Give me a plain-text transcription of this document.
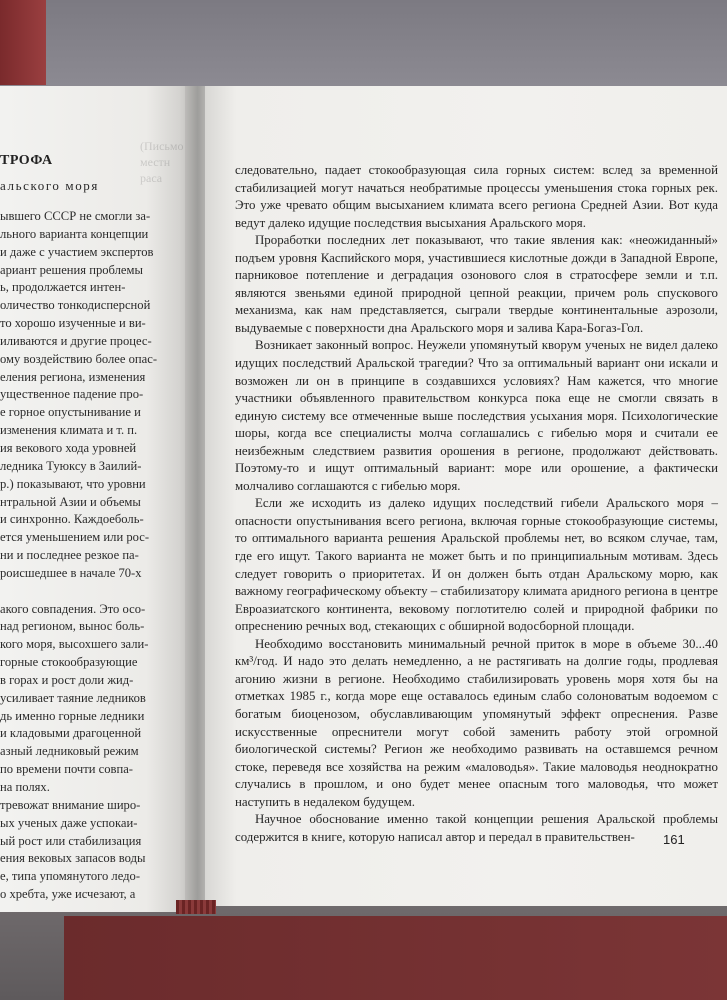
(Письмо
местн
раса
ТРОФА
альского моря
ывшего СССР не смогли за-
льного варианта концепции
и даже с участием экспертов
ариант решения проблемы
ь, продолжается интен-
оличество тонкодисперсной
то хорошо изученные и ви-
иливаются и другие процес-
ому воздействию более опас-
еления региона, изменения
ущественное падение про-
е горное опустынивание и
изменения климата и т. п.
ия векового хода уровней
ледника Туюксу в Заилий-
р.) показывают, что уровни
нтральной Азии и объемы
и синхронно. Каждоеболь-
ется уменьшением или рос-
ни и последнее резкое па-
роисшедшее в начале 70-х

акого совпадения. Это осо-
над регионом, вынос боль-
кого моря, высохшего зали-
горные стокообразующие
в горах и рост доли жид-
усиливает таяние ледников
дь именно горные ледники
и кладовыми драгоценной
азный ледниковый режим
по времени почти совпа-
на полях.
тревожат внимание широ-
ых ученых даже успокаи-
ый рост или стабилизация
ения вековых запасов воды
е, типа упомянутого ледо-
о хребта, уже исчезают, а

следовательно, падает стокообразующая сила горных систем: вслед за временной стабилизацией могут начаться необратимые процессы уменьшения стока горных рек. Это уже чревато общим высыханием климата всего региона Средней Азии. Вот куда ведут далеко идущие последствия высыхания Аральского моря.

Проработки последних лет показывают, что такие явления как: «неожиданный» подъем уровня Каспийского моря, участившиеся кислотные дожди в Западной Европе, парниковое потепление и деградация озонового слоя в стратосфере земли и т.п. являются звеньями единой природной цепной реакции, причем роль спускового механизма, как нам представляется, сыграли твердые континентальные аэрозоли, выдуваемые с поверхности дна Аральского моря и залива Кара-Богаз-Гол.

Возникает законный вопрос. Неужели упомянутый кворум ученых не видел далеко идущих последствий Аральской трагедии? Что за оптимальный вариант они искали и возможен ли он в принципе в создавшихся условиях? Нам кажется, что многие участники объявленного правительством конкурса пока еще не смогли связать в единую систему все отмеченные выше последствия усыхания моря. Психологические шоры, когда все специалисты молча соглашались с гибелью моря и считали ее неизбежным следствием развития орошения в регионе, продолжают действовать. Поэтому-то и ищут оптимальный вариант: море или орошение, а фактически молчаливо соглашаются с гибелью моря.

Если же исходить из далеко идущих последствий гибели Аральского моря – опасности опустынивания всего региона, включая горные стокообразующие системы, то оптимального варианта решения Аральской проблемы нет, во всяком случае, там, где его ищут. Такого варианта не может быть и по принципиальным мотивам. Здесь следует говорить о приоритетах. И он должен быть отдан Аральскому морю, как важному географическому объекту – стабилизатору климата аридного региона в центре Евроазиатского континента, вековому поглотителю солей и природной фабрики по опреснению речных вод, стекающих с обширной водосборной площади.

Необходимо восстановить минимальный речной приток в море в объеме 30...40 км³/год. И надо это делать немедленно, а не растягивать на долгие годы, продлевая агонию жизни в регионе. Необходимо стабилизировать уровень моря хотя бы на отметках 1985 г., когда море еще оставалось единым слабо солоноватым водоемом с богатым биоценозом, обуславливающим упомянутый эффект опреснения. Разве искусственные опреснители могут собой заменить работу этой огромной биологической системы? Регион же необходимо развивать на оставшемся речном стоке, переведя все хозяйства на режим «маловодья». Такие маловодья неоднократно случались в прошлом, и оно будет менее опасным того маловодья, что может наступить в недалеком будущем.

Научное обоснование именно такой концепции решения Аральской проблемы содержится в книге, которую написал автор и передал в правительствен-	161
